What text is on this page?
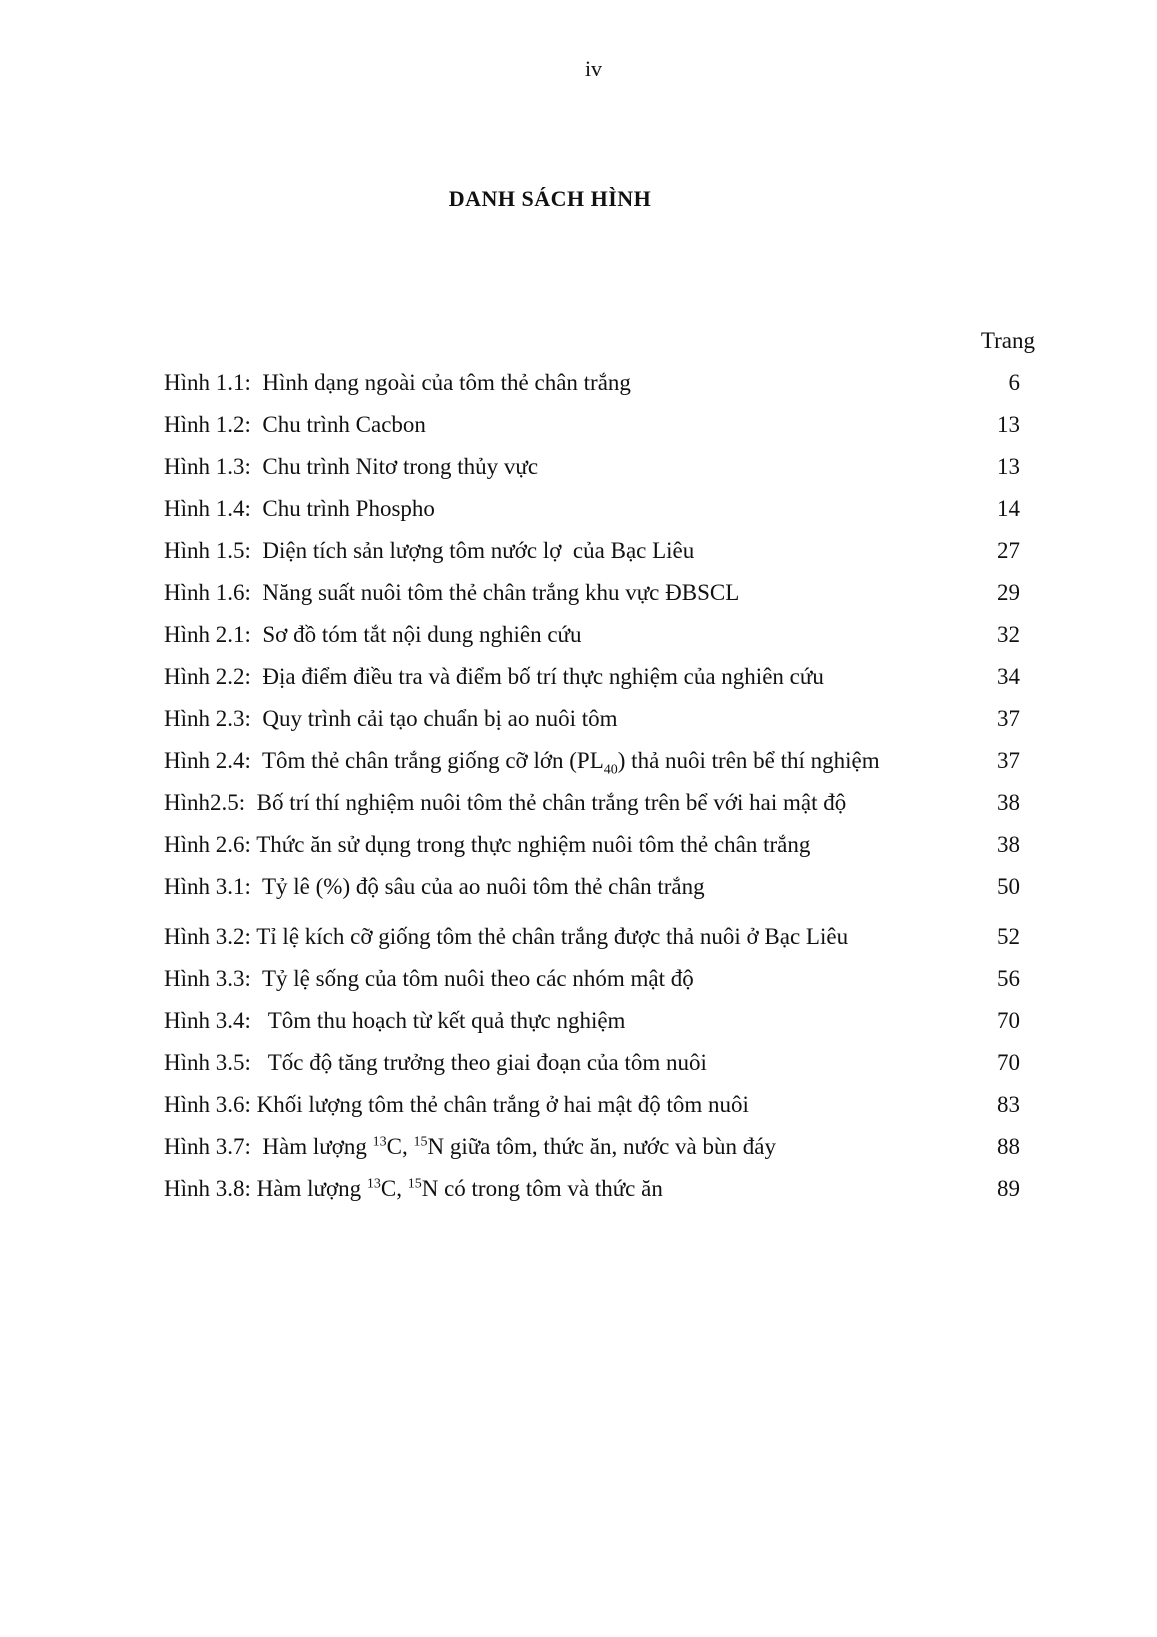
iv
DANH SÁCH HÌNH
Trang
Hình 1.1: Hình dạng ngoài của tôm thẻ chân trắng	6
Hình 1.2: Chu trình Cacbon	13
Hình 1.3: Chu trình Nitơ trong thủy vực	13
Hình 1.4: Chu trình Phospho	14
Hình 1.5: Diện tích sản lượng tôm nước lợ  của Bạc Liêu	27
Hình 1.6: Năng suất nuôi tôm thẻ chân trắng khu vực ĐBSCL	29
Hình 2.1: Sơ đồ tóm tắt nội dung nghiên cứu	32
Hình 2.2: Địa điểm điều tra và điểm bố trí thực nghiệm của nghiên cứu	34
Hình 2.3: Quy trình cải tạo chuẩn bị ao nuôi tôm	37
Hình 2.4: Tôm thẻ chân trắng giống cỡ lớn $(PL_{40})$ thả nuôi trên bể thí nghiệm	37
Hình2.5: Bố trí thí nghiệm nuôi tôm thẻ chân trắng trên bể với hai mật độ	38
Hình 2.6: Thức ăn sử dụng trong thực nghiệm nuôi tôm thẻ chân trắng	38
Hình 3.1: Tỷ lê (%) độ sâu của ao nuôi tôm thẻ chân trắng	50
Hình 3.2: Tỉ lệ kích cỡ giống tôm thẻ chân trắng được thả nuôi ở Bạc Liêu	52
Hình 3.3: Tỷ lệ sống của tôm nuôi theo các nhóm mật độ	56
Hình 3.4: Tôm thu hoạch từ kết quả thực nghiệm	70
Hình 3.5: Tốc độ tăng trưởng theo giai đoạn của tôm nuôi	70
Hình 3.6: Khối lượng tôm thẻ chân trắng ở hai mật độ tôm nuôi	83
Hình 3.7: Hàm lượng $^{13}$C, $^{15}$N giữa tôm, thức ăn, nước và bùn đáy	88
Hình 3.8: Hàm lượng $^{13}$C, $^{15}$N có trong tôm và thức ăn	89
